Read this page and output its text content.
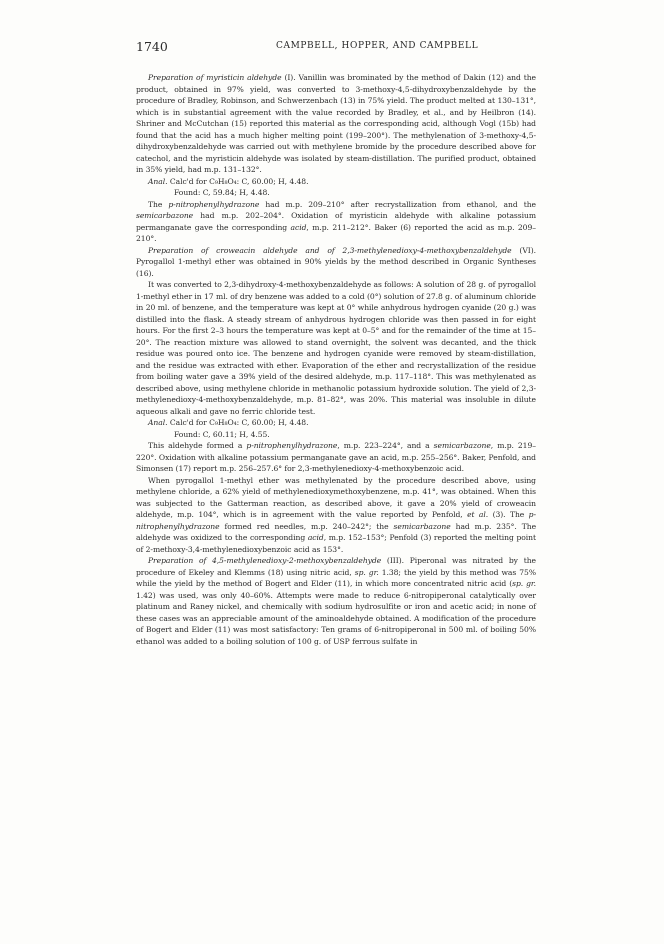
1740	CAMPBELL, HOPPER, AND CAMPBELL

Preparation of myristicin aldehyde (I). Vanillin was brominated by the method of Dakin (12) and the product, obtained in 97% yield, was converted to 3-methoxy-4,5-dihydroxybenzaldehyde by the procedure of Bradley, Robinson, and Schwerzenbach (13) in 75% yield. The product melted at 130–131°, which is in substantial agreement with the value recorded by Bradley, et al., and by Heilbron (14). Shriner and McCutchan (15) reported this material as the corresponding acid, although Vogl (15b) had found that the acid has a much higher melting point (199–200°). The methylenation of 3-methoxy-4,5-dihydroxybenzaldehyde was carried out with methylene bromide by the procedure described above for catechol, and the myristicin aldehyde was isolated by steam-distillation. The purified product, obtained in 35% yield, had m.p. 131–132°.

Anal. Calc'd for C₉H₈O₄: C, 60.00; H, 4.48.

Found: C, 59.84; H, 4.48.

The p-nitrophenylhydrazone had m.p. 209–210° after recrystallization from ethanol, and the semicarbazone had m.p. 202–204°. Oxidation of myristicin aldehyde with alkaline potassium permanganate gave the corresponding acid, m.p. 211–212°. Baker (6) reported the acid as m.p. 209–210°.

Preparation of croweacin aldehyde and of 2,3-methylenedioxy-4-methoxybenzaldehyde (VI). Pyrogallol 1-methyl ether was obtained in 90% yields by the method described in Organic Syntheses (16).

It was converted to 2,3-dihydroxy-4-methoxybenzaldehyde as follows: A solution of 28 g. of pyrogallol 1-methyl ether in 17 ml. of dry benzene was added to a cold (0°) solution of 27.8 g. of aluminum chloride in 20 ml. of benzene, and the temperature was kept at 0° while anhydrous hydrogen cyanide (20 g.) was distilled into the flask. A steady stream of anhydrous hydrogen chloride was then passed in for eight hours. For the first 2–3 hours the temperature was kept at 0–5° and for the remainder of the time at 15–20°. The reaction mixture was allowed to stand overnight, the solvent was decanted, and the thick residue was poured onto ice. The benzene and hydrogen cyanide were removed by steam-distillation, and the residue was extracted with ether. Evaporation of the ether and recrystallization of the residue from boiling water gave a 39% yield of the desired aldehyde, m.p. 117–118°. This was methylenated as described above, using methylene chloride in methanolic potassium hydroxide solution. The yield of 2,3-methylenedioxy-4-methoxybenzaldehyde, m.p. 81–82°, was 20%. This material was insoluble in dilute aqueous alkali and gave no ferric chloride test.

Anal. Calc'd for C₉H₈O₄: C, 60.00; H, 4.48.

Found: C, 60.11; H, 4.55.

This aldehyde formed a p-nitrophenylhydrazone, m.p. 223–224°, and a semicarbazone, m.p. 219–220°. Oxidation with alkaline potassium permanganate gave an acid, m.p. 255–256°. Baker, Penfold, and Simonsen (17) report m.p. 256–257.6° for 2,3-methylenedioxy-4-methoxybenzoic acid.

When pyrogallol 1-methyl ether was methylenated by the procedure described above, using methylene chloride, a 62% yield of methylenedioxymethoxybenzene, m.p. 41°, was obtained. When this was subjected to the Gatterman reaction, as described above, it gave a 20% yield of croweacin aldehyde, m.p. 104°, which is in agreement with the value reported by Penfold, et al. (3). The p-nitrophenylhydrazone formed red needles, m.p. 240–242°; the semicarbazone had m.p. 235°. The aldehyde was oxidized to the corresponding acid, m.p. 152–153°; Penfold (3) reported the melting point of 2-methoxy-3,4-methylenedioxybenzoic acid as 153°.

Preparation of 4,5-methylenedioxy-2-methoxybenzaldehyde (III). Piperonal was nitrated by the procedure of Ekeley and Klemms (18) using nitric acid, sp. gr. 1.38; the yield by this method was 75% while the yield by the method of Bogert and Elder (11), in which more concentrated nitric acid (sp. gr. 1.42) was used, was only 40–60%. Attempts were made to reduce 6-nitropiperonal catalytically over platinum and Raney nickel, and chemically with sodium hydrosulfite or iron and acetic acid; in none of these cases was an appreciable amount of the aminoaldehyde obtained. A modification of the procedure of Bogert and Elder (11) was most satisfactory: Ten grams of 6-nitropiperonal in 500 ml. of boiling 50% ethanol was added to a boiling solution of 100 g. of USP ferrous sulfate in
